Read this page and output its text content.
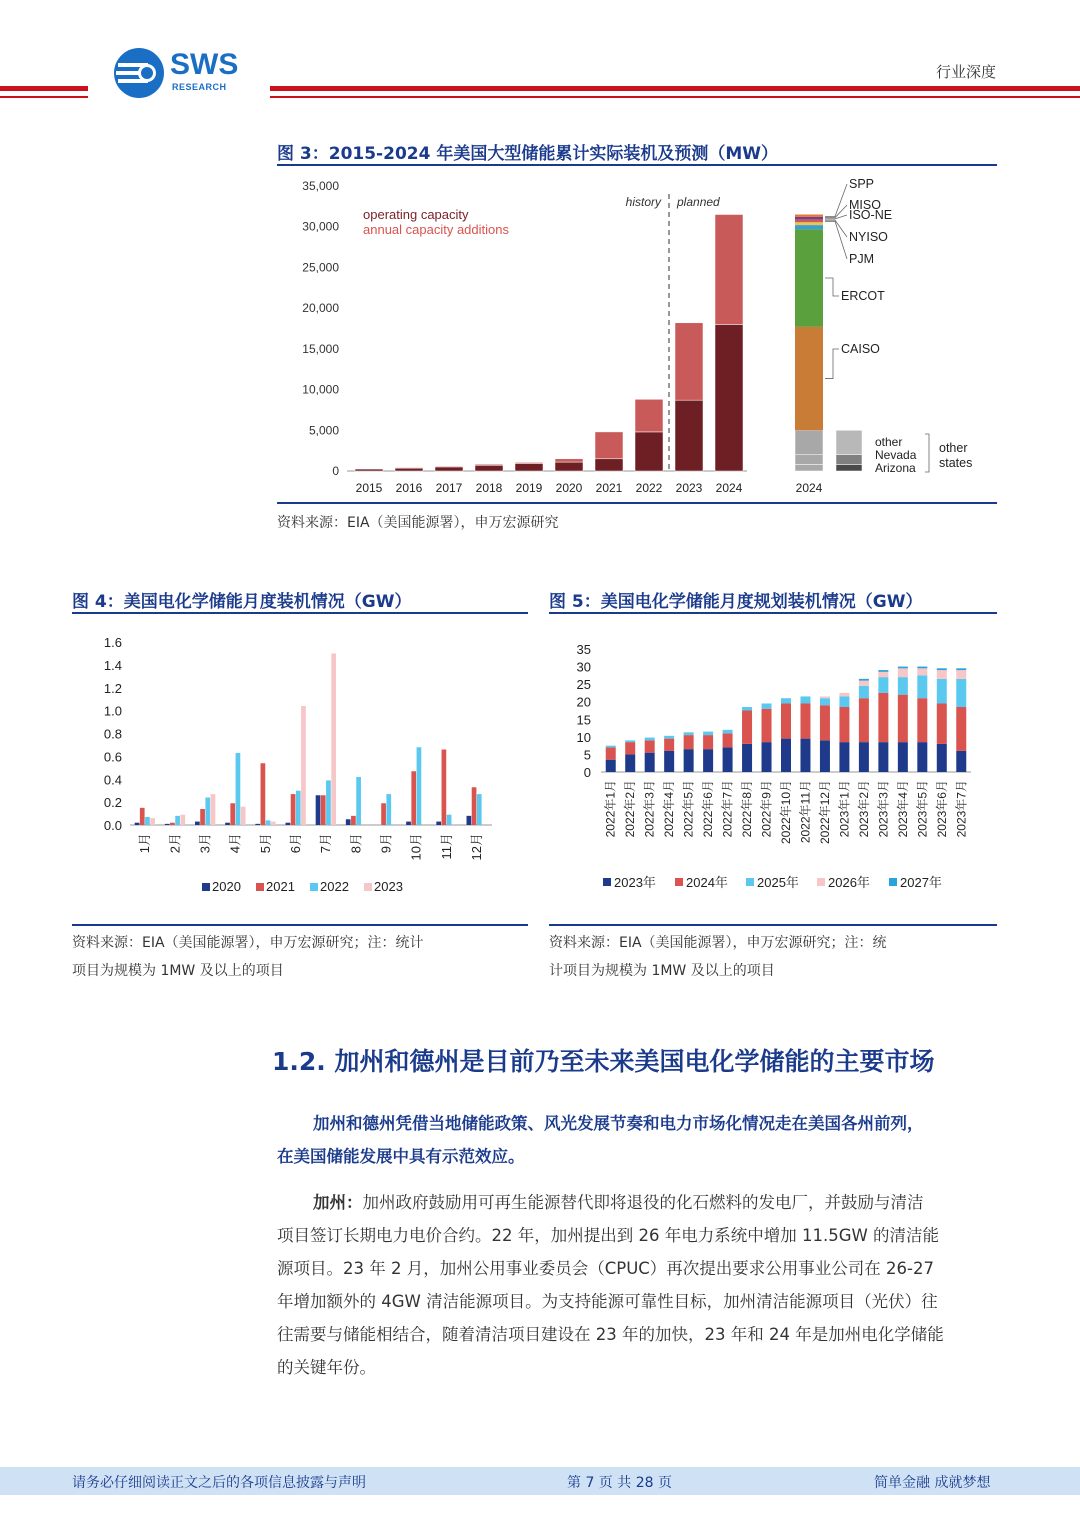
SWS
RESEARCH
行业深度
图 3：2015-2024 年美国大型储能累计实际装机及预测（MW）
0
5,000
10,000
15,000
20,000
25,000
30,000
35,000
2015 2016 2017 2018 2019 2020 2021 2022 2023 2024
history planned
operating capacity
annual capacity additions
2024
SPP
MISO
ISO-NE
NYISO
PJM
ERCOT
CAISO
other
Nevada
Arizona
other
states
资料来源：EIA（美国能源署），申万宏源研究
图 4：美国电化学储能月度装机情况（GW）
0.0
0.2
0.4
0.6
0.8
1.0
1.2
1.4
1.6
1月 2月 3月 4月 5月 6月 7月 8月 9月 10月 11月 12月
2020 2021 2022 2023
资料来源：EIA（美国能源署），申万宏源研究；注：统计
项目为规模为 1MW 及以上的项目
图 5：美国电化学储能月度规划装机情况（GW）
0
5
10
15
20
25
30
35
2022年1月 2022年2月 2022年3月 2022年4月 2022年5月 2022年6月 2022年7月 2022年8月 2022年9月 2022年10月 2022年11月 2022年12月 2023年1月 2023年2月 2023年3月 2023年4月 2023年5月 2023年6月 2023年7月
2023年 2024年 2025年 2026年 2027年
资料来源：EIA（美国能源署），申万宏源研究；注：统
计项目为规模为 1MW 及以上的项目
1.2. 加州和德州是目前乃至未来美国电化学储能的主要市场
加州和德州凭借当地储能政策、风光发展节奏和电力市场化情况走在美国各州前列，
在美国储能发展中具有示范效应。
加州：加州政府鼓励用可再生能源替代即将退役的化石燃料的发电厂，并鼓励与清洁
项目签订长期电力电价合约。22 年，加州提出到 26 年电力系统中增加 11.5GW 的清洁能
源项目。23 年 2 月，加州公用事业委员会（CPUC）再次提出要求公用事业公司在 26-27
年增加额外的 4GW 清洁能源项目。为支持能源可靠性目标，加州清洁能源项目（光伏）往
往需要与储能相结合，随着清洁项目建设在 23 年的加快，23 年和 24 年是加州电化学储能
的关键年份。
请务必仔细阅读正文之后的各项信息披露与声明	第 7 页 共 28 页	简单金融 成就梦想
